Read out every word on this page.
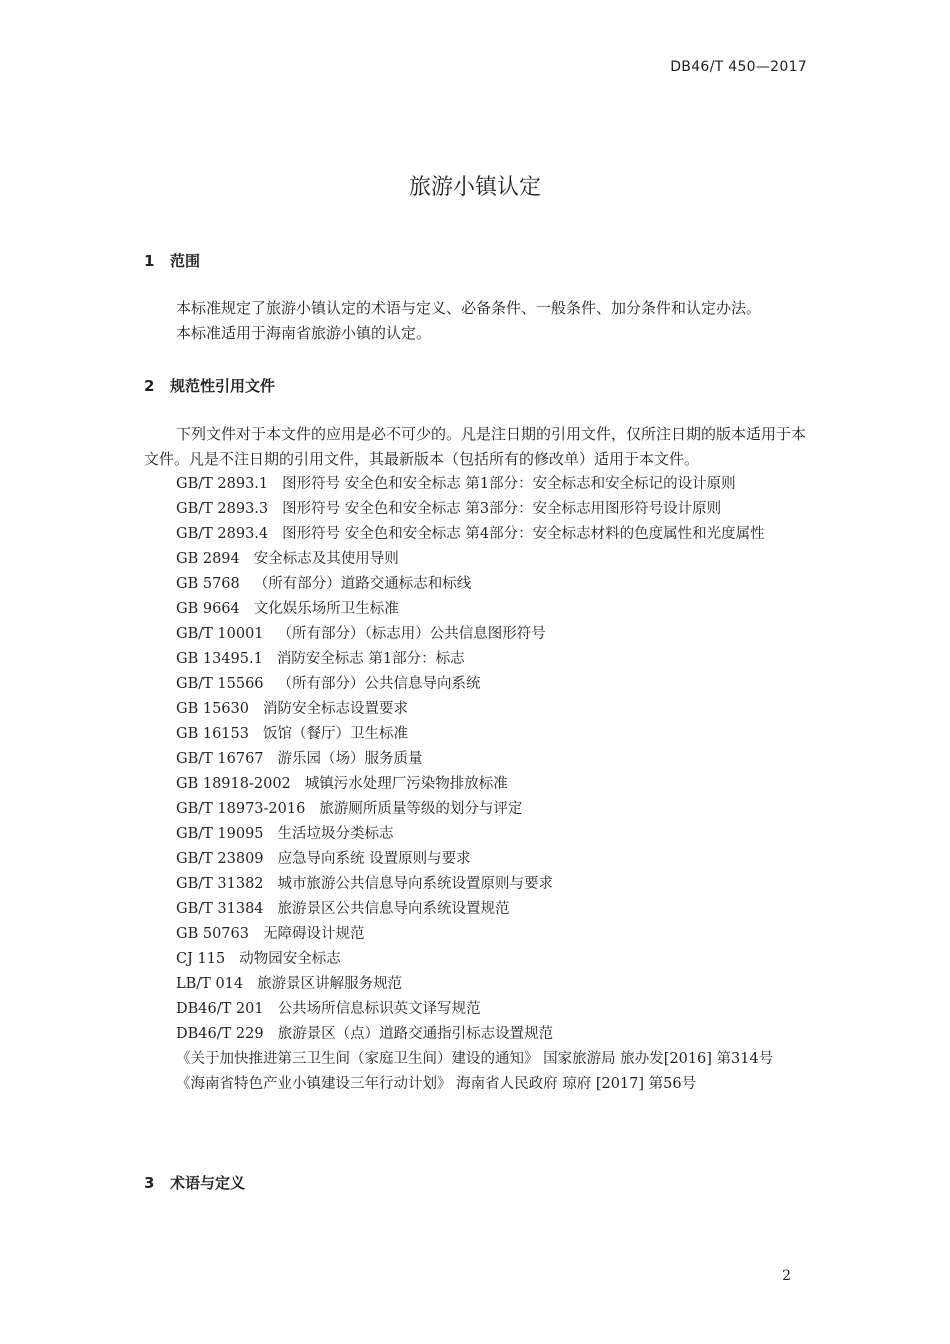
DB46/T 450—2017
旅游小镇认定
1 范围
本标准规定了旅游小镇认定的术语与定义、必备条件、一般条件、加分条件和认定办法。
本标准适用于海南省旅游小镇的认定。
2 规范性引用文件
下列文件对于本文件的应用是必不可少的。凡是注日期的引用文件，仅所注日期的版本适用于本文件。凡是不注日期的引用文件，其最新版本（包括所有的修改单）适用于本文件。
GB/T 2893.1 图形符号 安全色和安全标志 第1部分：安全标志和安全标记的设计原则
GB/T 2893.3 图形符号 安全色和安全标志 第3部分：安全标志用图形符号设计原则
GB/T 2893.4 图形符号 安全色和安全标志 第4部分：安全标志材料的色度属性和光度属性
GB 2894 安全标志及其使用导则
GB 5768 （所有部分）道路交通标志和标线
GB 9664 文化娱乐场所卫生标准
GB/T 10001 （所有部分）（标志用）公共信息图形符号
GB 13495.1 消防安全标志 第1部分：标志
GB/T 15566 （所有部分）公共信息导向系统
GB 15630 消防安全标志设置要求
GB 16153 饭馆（餐厅）卫生标准
GB/T 16767 游乐园（场）服务质量
GB 18918-2002 城镇污水处理厂污染物排放标准
GB/T 18973-2016 旅游厕所质量等级的划分与评定
GB/T 19095 生活垃圾分类标志
GB/T 23809 应急导向系统 设置原则与要求
GB/T 31382 城市旅游公共信息导向系统设置原则与要求
GB/T 31384 旅游景区公共信息导向系统设置规范
GB 50763 无障碍设计规范
CJ 115 动物园安全标志
LB/T 014 旅游景区讲解服务规范
DB46/T 201 公共场所信息标识英文译写规范
DB46/T 229 旅游景区（点）道路交通指引标志设置规范
《关于加快推进第三卫生间（家庭卫生间）建设的通知》 国家旅游局 旅办发[2016] 第314号
《海南省特色产业小镇建设三年行动计划》 海南省人民政府 琼府 [2017] 第56号
3 术语与定义
2
